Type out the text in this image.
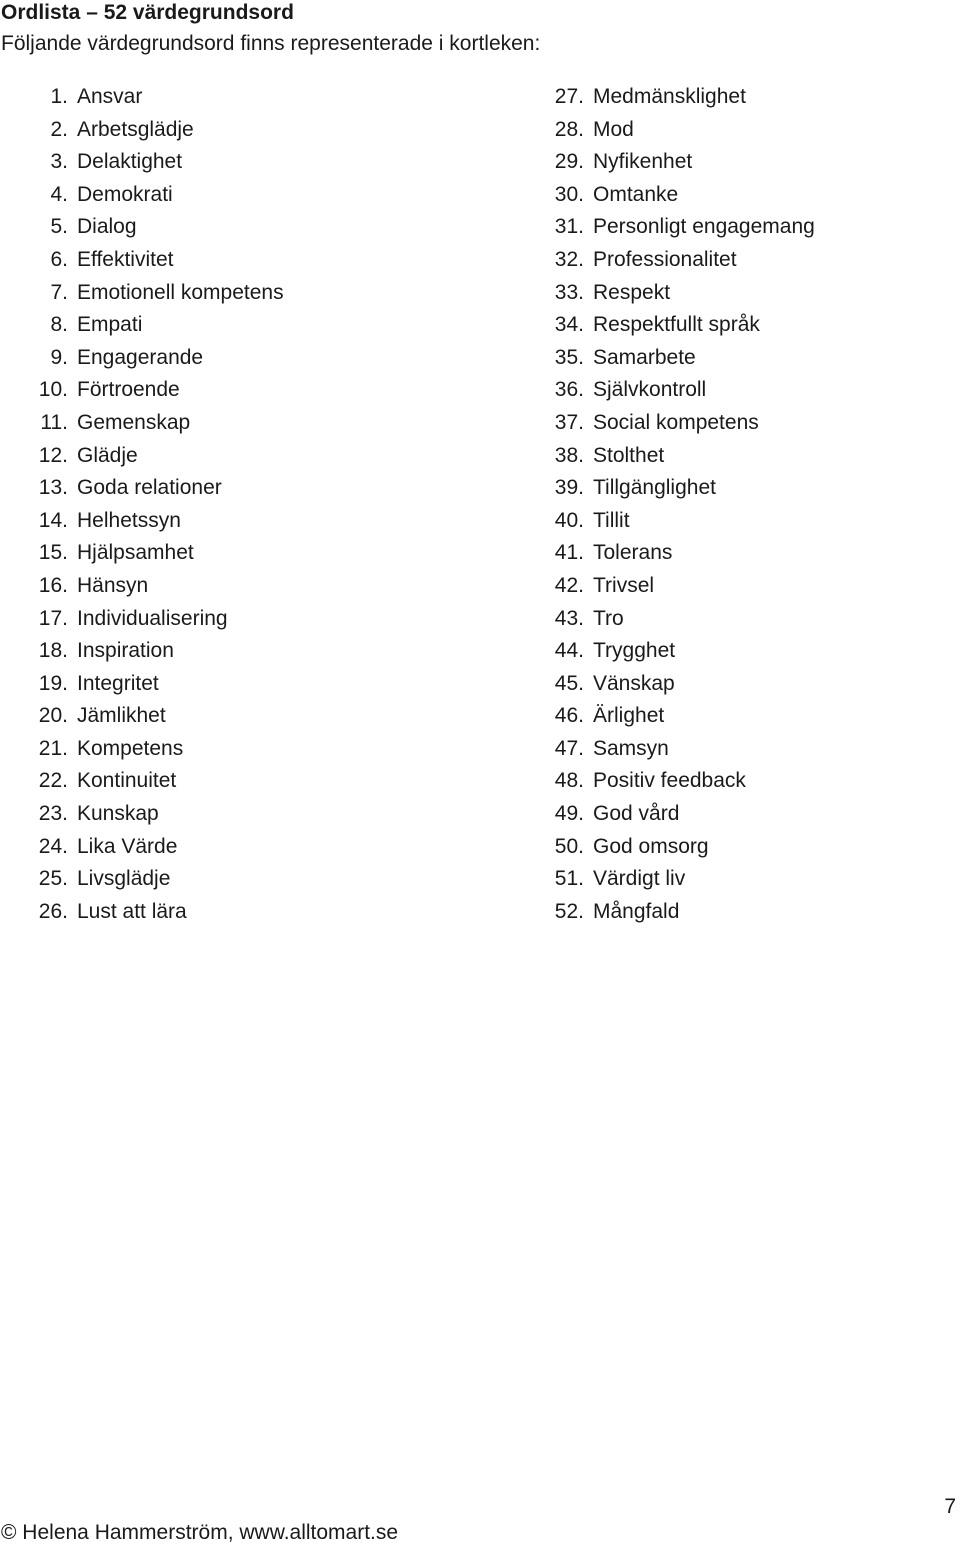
Ordlista – 52 värdegrundsord
Följande värdegrundsord finns representerade i kortleken:
1. Ansvar
2. Arbetsglädje
3. Delaktighet
4. Demokrati
5. Dialog
6. Effektivitet
7. Emotionell kompetens
8. Empati
9. Engagerande
10. Förtroende
11. Gemenskap
12. Glädje
13. Goda relationer
14. Helhetssyn
15. Hjälpsamhet
16. Hänsyn
17. Individualisering
18. Inspiration
19. Integritet
20. Jämlikhet
21. Kompetens
22. Kontinuitet
23. Kunskap
24. Lika Värde
25. Livsglädje
26. Lust att lära
27. Medmänsklighet
28. Mod
29. Nyfikenhet
30. Omtanke
31. Personligt engagemang
32. Professionalitet
33. Respekt
34. Respektfullt språk
35. Samarbete
36. Självkontroll
37. Social kompetens
38. Stolthet
39. Tillgänglighet
40. Tillit
41. Tolerans
42. Trivsel
43. Tro
44. Trygghet
45. Vänskap
46. Ärlighet
47. Samsyn
48. Positiv feedback
49. God vård
50. God omsorg
51. Värdigt liv
52. Mångfald
7
© Helena Hammerström, www.alltomart.se
